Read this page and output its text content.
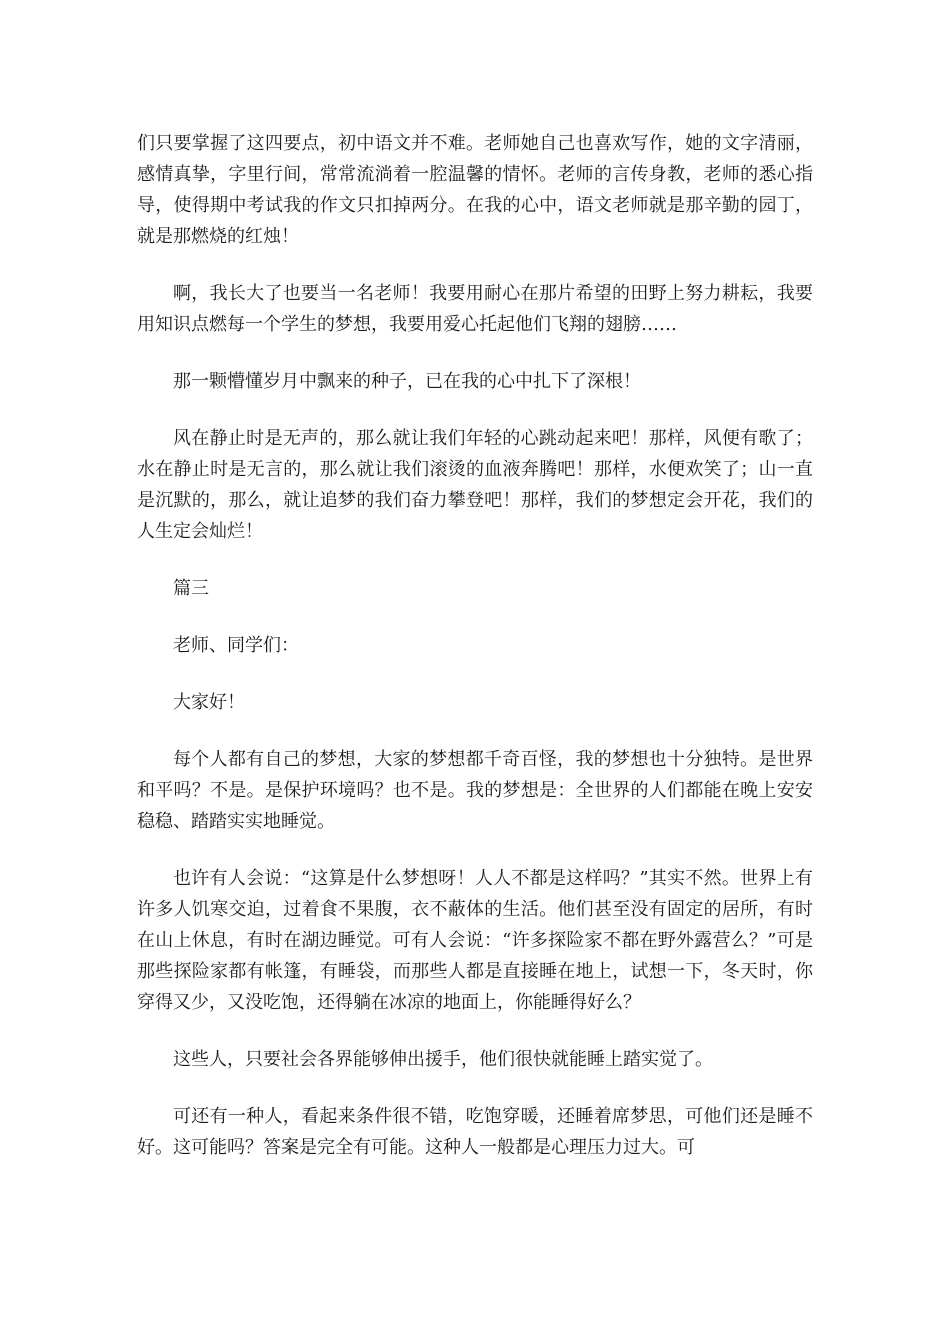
们只要掌握了这四要点，初中语文并不难。老师她自己也喜欢写作，她的文字清丽，感情真挚，字里行间，常常流淌着一腔温馨的情怀。老师的言传身教，老师的悉心指导，使得期中考试我的作文只扣掉两分。在我的心中，语文老师就是那辛勤的园丁，就是那燃烧的红烛！

啊，我长大了也要当一名老师！我要用耐心在那片希望的田野上努力耕耘，我要用知识点燃每一个学生的梦想，我要用爱心托起他们飞翔的翅膀……

那一颗懵懂岁月中飘来的种子，已在我的心中扎下了深根！

风在静止时是无声的，那么就让我们年轻的心跳动起来吧！那样，风便有歌了；水在静止时是无言的，那么就让我们滚烫的血液奔腾吧！那样，水便欢笑了；山一直是沉默的，那么，就让追梦的我们奋力攀登吧！那样，我们的梦想定会开花，我们的人生定会灿烂！

篇三

老师、同学们：

大家好！

每个人都有自己的梦想，大家的梦想都千奇百怪，我的梦想也十分独特。是世界和平吗？不是。是保护环境吗？也不是。我的梦想是：全世界的人们都能在晚上安安稳稳、踏踏实实地睡觉。

也许有人会说：“这算是什么梦想呀！人人不都是这样吗？”其实不然。世界上有许多人饥寒交迫，过着食不果腹，衣不蔽体的生活。他们甚至没有固定的居所，有时在山上休息，有时在湖边睡觉。可有人会说：“许多探险家不都在野外露营么？”可是那些探险家都有帐篷，有睡袋，而那些人都是直接睡在地上，试想一下，冬天时，你穿得又少，又没吃饱，还得躺在冰凉的地面上，你能睡得好么？

这些人，只要社会各界能够伸出援手，他们很快就能睡上踏实觉了。

可还有一种人，看起来条件很不错，吃饱穿暖，还睡着席梦思，可他们还是睡不好。这可能吗？答案是完全有可能。这种人一般都是心理压力过大。可
